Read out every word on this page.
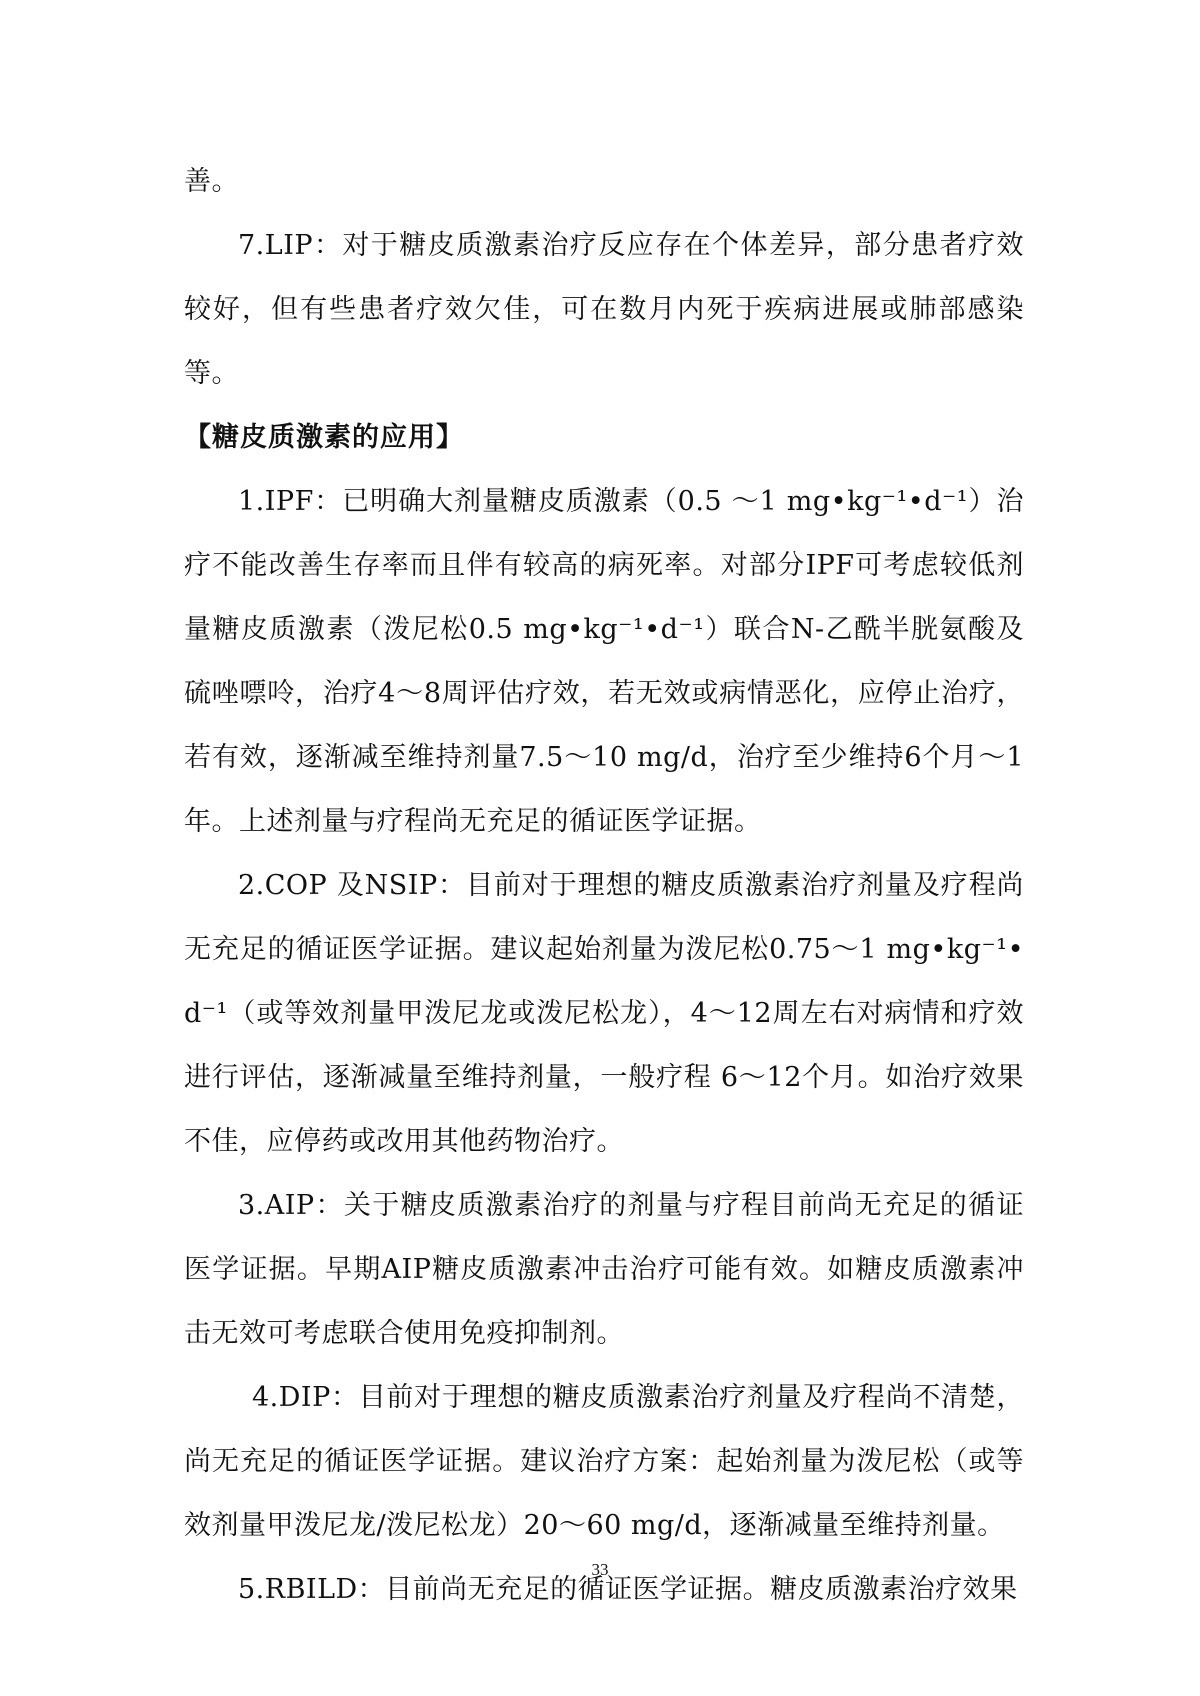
善。

7.LIP：对于糖皮质激素治疗反应存在个体差异，部分患者疗效较好，但有些患者疗效欠佳，可在数月内死于疾病进展或肺部感染等。

【糖皮质激素的应用】

1.IPF：已明确大剂量糖皮质激素（0.5 ～1 mg•kg⁻¹•d⁻¹）治疗不能改善生存率而且伴有较高的病死率。对部分IPF可考虑较低剂量糖皮质激素（泼尼松0.5 mg•kg⁻¹•d⁻¹）联合N-乙酰半胱氨酸及硫唑嘌呤，治疗4～8周评估疗效，若无效或病情恶化，应停止治疗，若有效，逐渐减至维持剂量7.5～10 mg/d，治疗至少维持6个月～1年。上述剂量与疗程尚无充足的循证医学证据。

2.COP 及NSIP：目前对于理想的糖皮质激素治疗剂量及疗程尚无充足的循证医学证据。建议起始剂量为泼尼松0.75～1 mg•kg⁻¹•d⁻¹（或等效剂量甲泼尼龙或泼尼松龙），4～12周左右对病情和疗效进行评估，逐渐减量至维持剂量，一般疗程 6～12个月。如治疗效果不佳，应停药或改用其他药物治疗。

3.AIP：关于糖皮质激素治疗的剂量与疗程目前尚无充足的循证医学证据。早期AIP糖皮质激素冲击治疗可能有效。如糖皮质激素冲击无效可考虑联合使用免疫抑制剂。

4.DIP：目前对于理想的糖皮质激素治疗剂量及疗程尚不清楚，尚无充足的循证医学证据。建议治疗方案：起始剂量为泼尼松（或等效剂量甲泼尼龙/泼尼松龙）20～60 mg/d，逐渐减量至维持剂量。

5.RBILD：目前尚无充足的循证医学证据。糖皮质激素治疗效果

33
